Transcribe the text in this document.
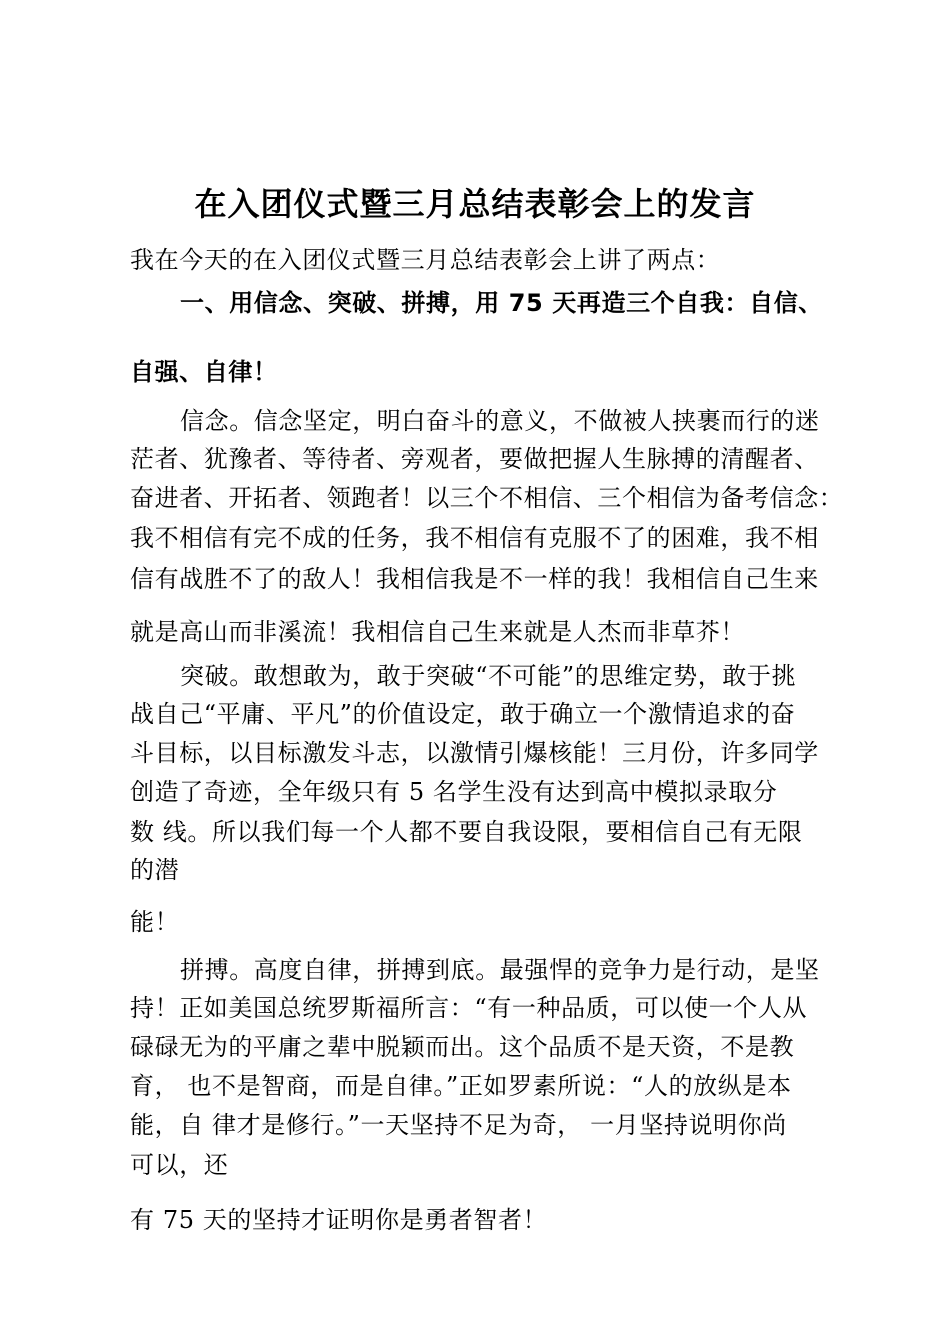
在入团仪式暨三月总结表彰会上的发言
我在今天的在入团仪式暨三月总结表彰会上讲了两点：
一、用信念、突破、拼搏，用 75 天再造三个自我：自信、
自强、自律！
信念。信念坚定，明白奋斗的意义，不做被人挟裹而行的迷
茫者、犹豫者、等待者、旁观者，要做把握人生脉搏的清醒者、
奋进者、开拓者、领跑者！以三个不相信、三个相信为备考信念：
我不相信有完不成的任务，我不相信有克服不了的困难，我不相
信有战胜不了的敌人！我相信我是不一样的我！我相信自己生来
就是高山而非溪流！我相信自己生来就是人杰而非草芥！
突破。敢想敢为，敢于突破“不可能”的思维定势，敢于挑
战自己“平庸、平凡”的价值设定，敢于确立一个激情追求的奋
斗目标，以目标激发斗志，以激情引爆核能！三月份，许多同学
创造了奇迹，全年级只有 5 名学生没有达到高中模拟录取分
数 线。所以我们每一个人都不要自我设限，要相信自己有无限
的潜
能！
拼搏。高度自律，拼搏到底。最强悍的竞争力是行动，是坚
持！正如美国总统罗斯福所言：“有一种品质，可以使一个人从
碌碌无为的平庸之辈中脱颖而出。这个品质不是天资，不是教
育， 也不是智商，而是自律。”正如罗素所说：“人的放纵是本
能，自 律才是修行。”一天坚持不足为奇， 一月坚持说明你尚
可以，还
有 75 天的坚持才证明你是勇者智者！
